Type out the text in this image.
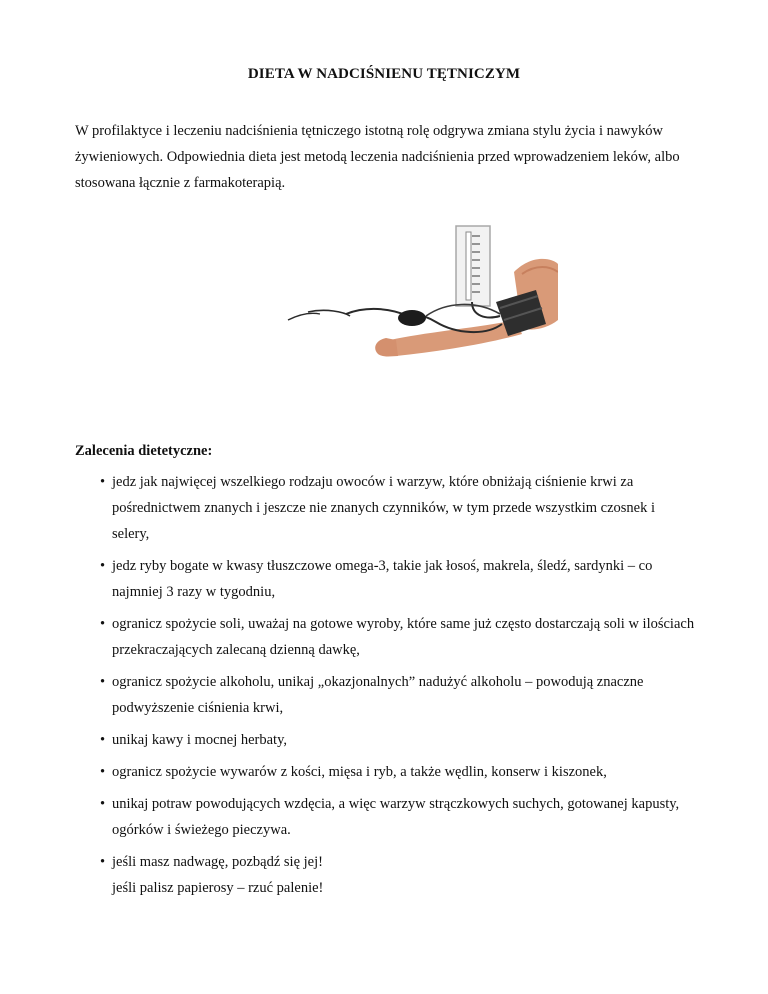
DIETA W NADCIŚNIENU TĘTNICZYM
W profilaktyce i leczeniu nadciśnienia tętniczego istotną rolę odgrywa zmiana stylu życia i nawyków żywieniowych. Odpowiednia dieta jest metodą leczenia nadciśnienia przed wprowadzeniem leków, albo stosowana łącznie z farmakoterapią.
Zalecenia dietetyczne:
• jedz jak najwięcej wszelkiego rodzaju owoców i warzyw, które obniżają ciśnienie krwi za pośrednictwem znanych i jeszcze nie znanych czynników, w tym przede wszystkim czosnek i selery,
• jedz ryby bogate w kwasy tłuszczowe omega-3, takie jak łosoś, makrela, śledź, sardynki – co najmniej 3 razy w tygodniu,
• ogranicz spożycie soli, uważaj na gotowe wyroby, które same już często dostarczają soli w ilościach przekraczających zalecaną dzienną dawkę,
• ogranicz spożycie alkoholu, unikaj „okazjonalnych” nadużyć alkoholu – powodują znaczne podwyższenie ciśnienia krwi,
• unikaj kawy i mocnej herbaty,
• ogranicz spożycie wywarów z kości, mięsa i ryb, a także wędlin, konserw i kiszonek,
• unikaj potraw powodujących wzdęcia, a więc warzyw strączkowych suchych, gotowanej kapusty, ogórków i świeżego pieczywa.
• jeśli masz nadwagę, pozbądź się jej!
jeśli palisz papierosy – rzuć palenie!
